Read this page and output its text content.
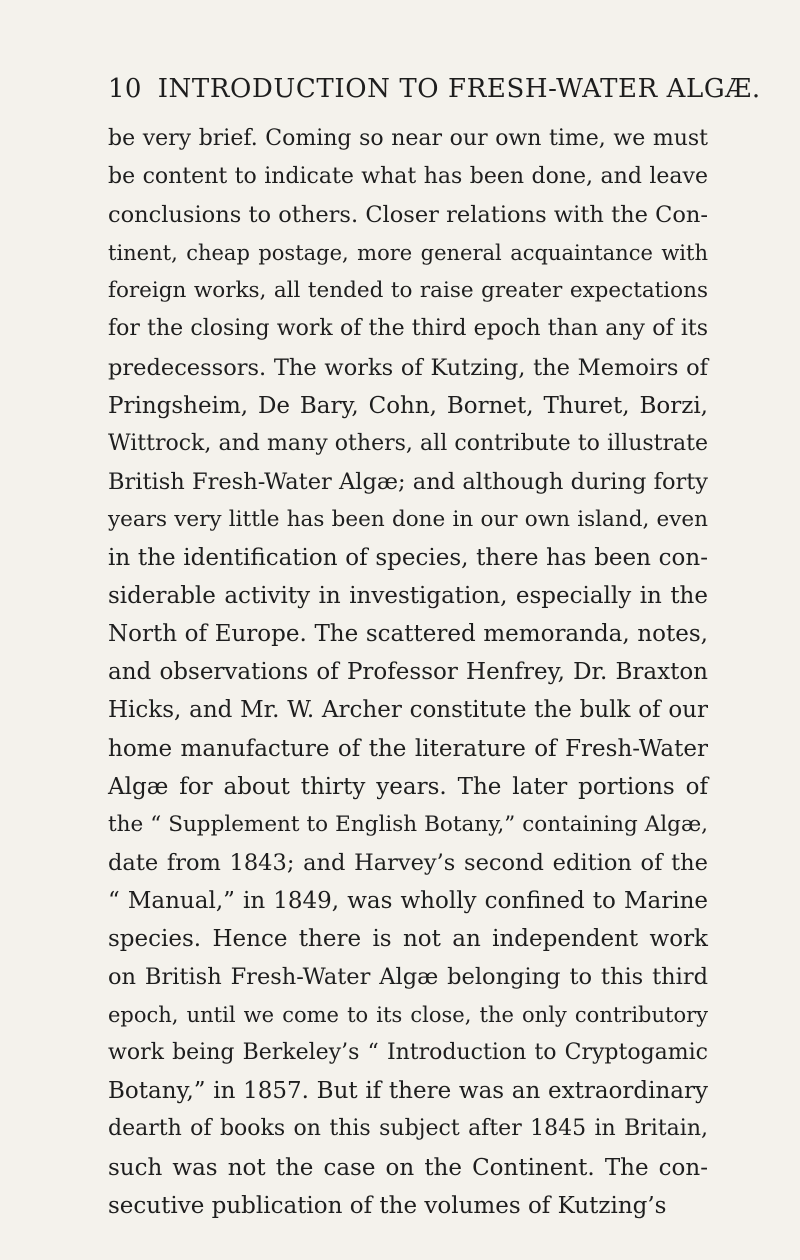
10 INTRODUCTION TO FRESH-WATER ALGÆ.
be very brief. Coming so near our own time, we must
be content to indicate what has been done, and leave
conclusions to others. Closer relations with the Con-
tinent, cheap postage, more general acquaintance with
foreign works, all tended to raise greater expectations
for the closing work of the third epoch than any of its
predecessors. The works of Kutzing, the Memoirs of
Pringsheim, De Bary, Cohn, Bornet, Thuret, Borzi,
Wittrock, and many others, all contribute to illustrate
British Fresh-Water Algæ; and although during forty
years very little has been done in our own island, even
in the identification of species, there has been con-
siderable activity in investigation, especially in the
North of Europe. The scattered memoranda, notes,
and observations of Professor Henfrey, Dr. Braxton
Hicks, and Mr. W. Archer constitute the bulk of our
home manufacture of the literature of Fresh-Water
Algæ for about thirty years. The later portions of
the “ Supplement to English Botany,” containing Algæ,
date from 1843; and Harvey’s second edition of the
“ Manual,” in 1849, was wholly confined to Marine
species. Hence there is not an independent work
on British Fresh-Water Algæ belonging to this third
epoch, until we come to its close, the only contributory
work being Berkeley’s “ Introduction to Cryptogamic
Botany,” in 1857. But if there was an extraordinary
dearth of books on this subject after 1845 in Britain,
such was not the case on the Continent. The con-
secutive publication of the volumes of Kutzing’s
